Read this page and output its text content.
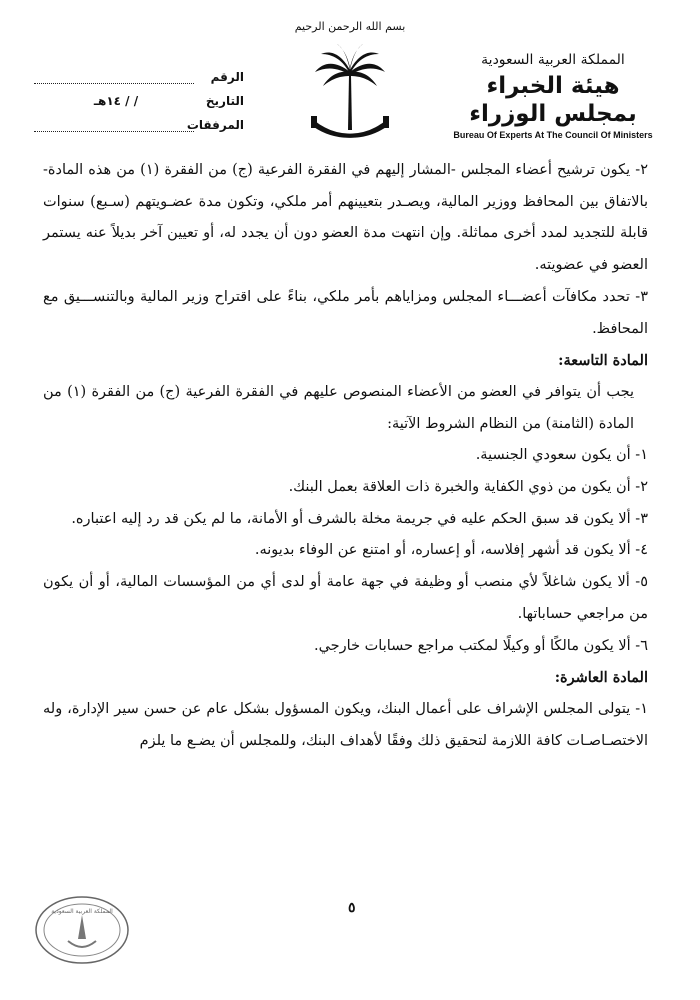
المملكة العربية السعودية
هيئة الخبراء بمجلس الوزراء
Bureau Of Experts At The Council Of Ministers
بسم الله الرحمن الرحيم
الرقم
التاريخ
/ / ١٤هـ
المرفقات

٢- يكون ترشيح أعضاء المجلس -المشار إليهم في الفقرة الفرعية (ج) من الفقرة (١) من هذه المادة- بالاتفاق بين المحافظ ووزير المالية، ويصـدر بتعيينهم أمر ملكي، وتكون مدة عضـويتهم (سـبع) سنوات قابلة للتجديد لمدد أخرى مماثلة. وإن انتهت مدة العضو دون أن يجدد له، أو تعيين آخر بديلاً عنه يستمر العضو في عضويته.

٣- تحدد مكافآت أعضـــاء المجلس ومزاياهم بأمر ملكي، بناءً على اقتراح وزير المالية وبالتنســـيق مع المحافظ.

المادة التاسعة:

يجب أن يتوافر في العضو من الأعضاء المنصوص عليهم في الفقرة الفرعية (ج) من الفقرة (١) من المادة (الثامنة) من النظام الشروط الآتية:

١- أن يكون سعودي الجنسية.

٢- أن يكون من ذوي الكفاية والخبرة ذات العلاقة بعمل البنك.

٣- ألا يكون قد سبق الحكم عليه في جريمة مخلة بالشرف أو الأمانة، ما لم يكن قد رد إليه اعتباره.

٤- ألا يكون قد أشهر إفلاسه، أو إعساره، أو امتنع عن الوفاء بديونه.

٥- ألا يكون شاغلاً لأي منصب أو وظيفة في جهة عامة أو لدى أي من المؤسسات المالية، أو أن يكون من مراجعي حساباتها.

٦- ألا يكون مالكًا أو وكيلًا لمكتب مراجع حسابات خارجي.

المادة العاشرة:

١- يتولى المجلس الإشراف على أعمال البنك، ويكون المسؤول بشكل عام عن حسن سير الإدارة، وله الاختصـاصـات كافة اللازمة لتحقيق ذلك وفقًا لأهداف البنك، وللمجلس أن يضـع ما يلزم

٥
المملكة العربية السعودية
